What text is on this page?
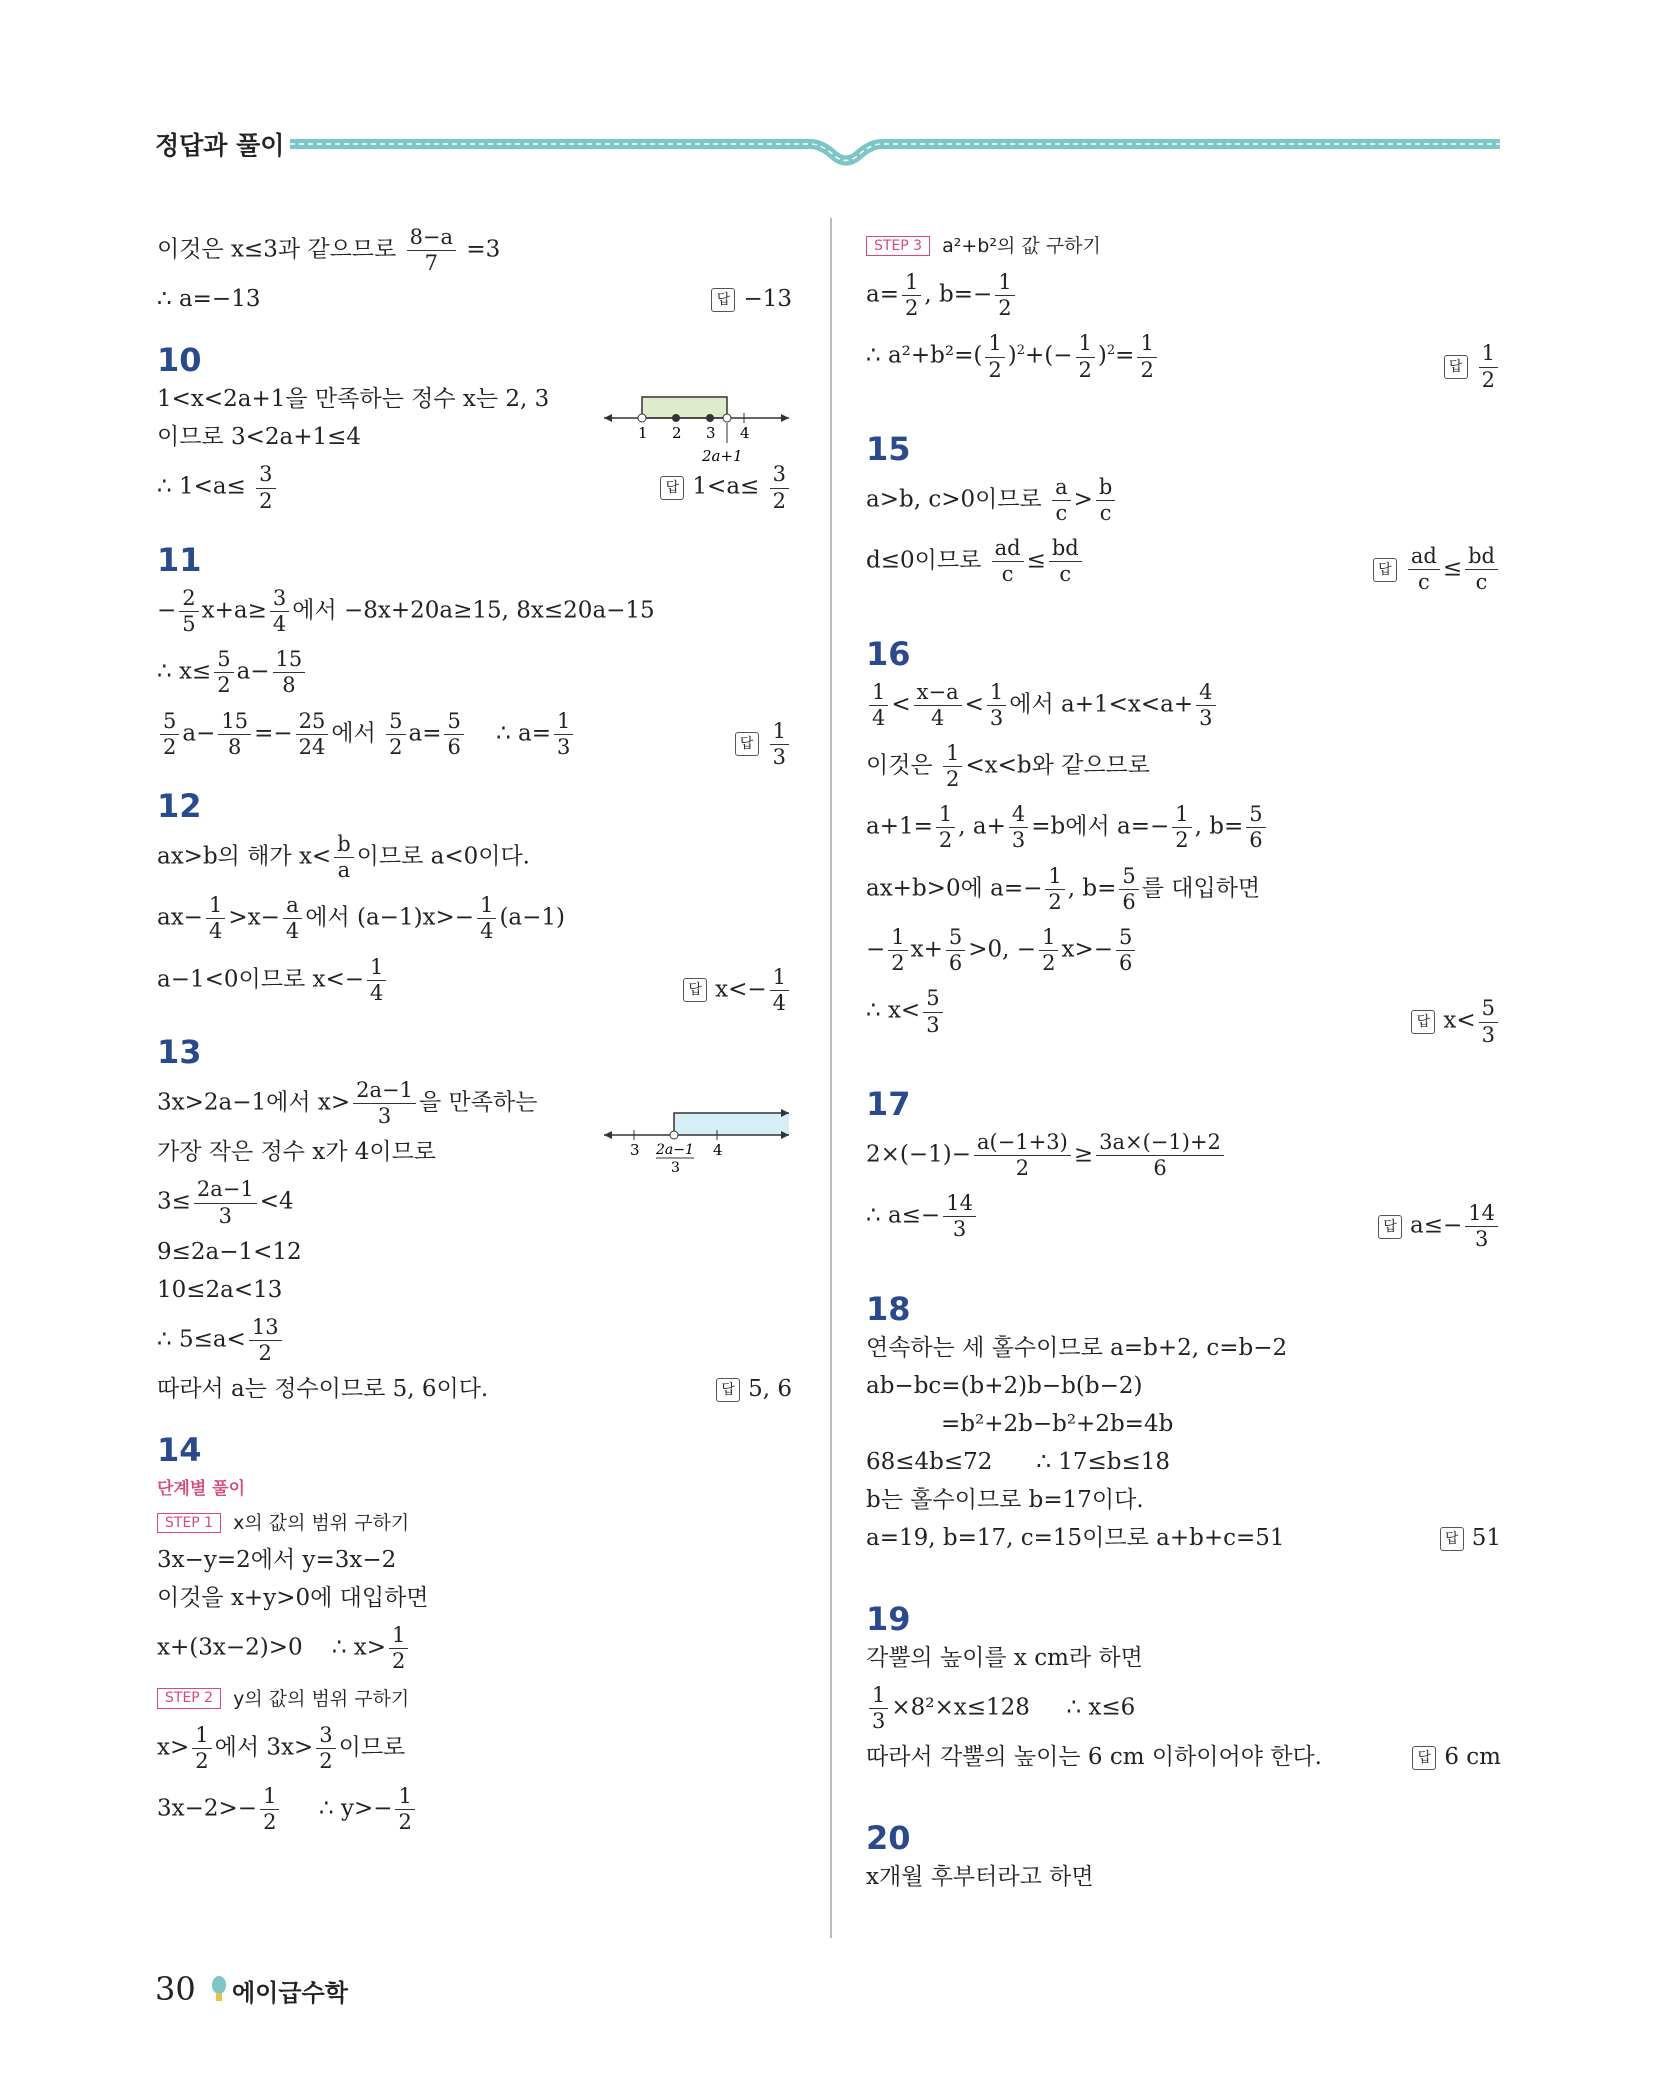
정답과 풀이
이것은 x≤3과 같으므로 $\frac{8-a}{7} =3$
∴ a=−13	답 −13
10
1<x<2a+1을 만족하는 정수 x는 2, 3
이므로 3<2a+1≤4
∴ $1<a\le \frac{3}{2}$	답 $1<a\le \frac{3}{2}$
1 2 3 4
2a+1
11
− $\frac{2}{5} x+a\ge \frac{3}{4}$ 에서 −8x+20a≥15, 8x≤20a−15
∴ $x\le \frac{5}{2} a- \frac{15}{8}$
$\frac{5}{2} a- \frac{15}{8} =- \frac{25}{24}$ 에서 $\frac{5}{2} a= \frac{5}{6}$ ∴ $a= \frac{1}{3}$	답 $\frac{1}{3}$
12
ax>b의 해가 $x< \frac{b}{a}$ 이므로 a<0이다.
$ax- \frac{1}{4} >x- \frac{a}{4}$ 에서 $(a-1)x>- \frac{1}{4} (a-1)$
a−1<0이므로 $x<- \frac{1}{4}$	답 $x<- \frac{1}{4}$
13
3x>2a−1에서 $x> \frac{2a-1}{3}$ 을 만족하는
가장 작은 정수 x가 4이므로
$3\le \frac{2a-1}{3} <4$
9≤2a−1<12
10≤2a<13
∴ $5\le a< \frac{13}{2}$
따라서 a는 정수이므로 5, 6이다.	답 5, 6
3 2a−1
3
4
14
단계별 풀이
STEP 1 x의 값의 범위 구하기
3x−y=2에서 y=3x−2
이것을 x+y>0에 대입하면
x+(3x−2)>0 ∴ $x> \frac{1}{2}$
STEP 2 y의 값의 범위 구하기
$x> \frac{1}{2}$ 에서 $3x> \frac{3}{2}$ 이므로
$3x-2>- \frac{1}{2}$ ∴ $y>- \frac{1}{2}$
STEP 3 a²+b²의 값 구하기
$a= \frac{1}{2}$ , $b=- \frac{1}{2}$
∴ $a^2+b^2=( \frac{1}{2} )^2+(- \frac{1}{2} )^2= \frac{1}{2}$	답 $\frac{1}{2}$
15
a>b, c>0이므로 $\frac{a}{c} > \frac{b}{c}$
d≤0이므로 $\frac{ad}{c} \le \frac{bd}{c}$	답 $\frac{ad}{c} \le \frac{bd}{c}$
16
$\frac{1}{4} < \frac{x-a}{4} < \frac{1}{3}$ 에서 $a+1<x<a+ \frac{4}{3}$
이것은 $\frac{1}{2} <x<b$와 같으므로
$a+1= \frac{1}{2}$ , $a+ \frac{4}{3} =b$에서 $a=- \frac{1}{2}$ , $b= \frac{5}{6}$
ax+b>0에 $a=- \frac{1}{2}$ , $b= \frac{5}{6}$ 를 대입하면
− $\frac{1}{2} x+ \frac{5}{6} >0$, − $\frac{1}{2} x>- \frac{5}{6}$
∴ $x< \frac{5}{3}$	답 $x< \frac{5}{3}$
17
$2\times(-1)- \frac{a(-1+3)}{2} \ge \frac{3a\times(-1)+2}{6}$
∴ $a\le- \frac{14}{3}$	답 $a\le- \frac{14}{3}$
18
연속하는 세 홀수이므로 a=b+2, c=b−2
ab−bc=(b+2)b−b(b−2)
=b²+2b−b²+2b=4b
68≤4b≤72 ∴ 17≤b≤18
b는 홀수이므로 b=17이다.
a=19, b=17, c=15이므로 a+b+c=51	답 51
19
각뿔의 높이를 x cm라 하면
$\frac{1}{3} \times 8^2\times x\le 128$ ∴ x≤6
따라서 각뿔의 높이는 6 cm 이하이어야 한다.	답 6 cm
20
x개월 후부터라고 하면
30 에이급수학
